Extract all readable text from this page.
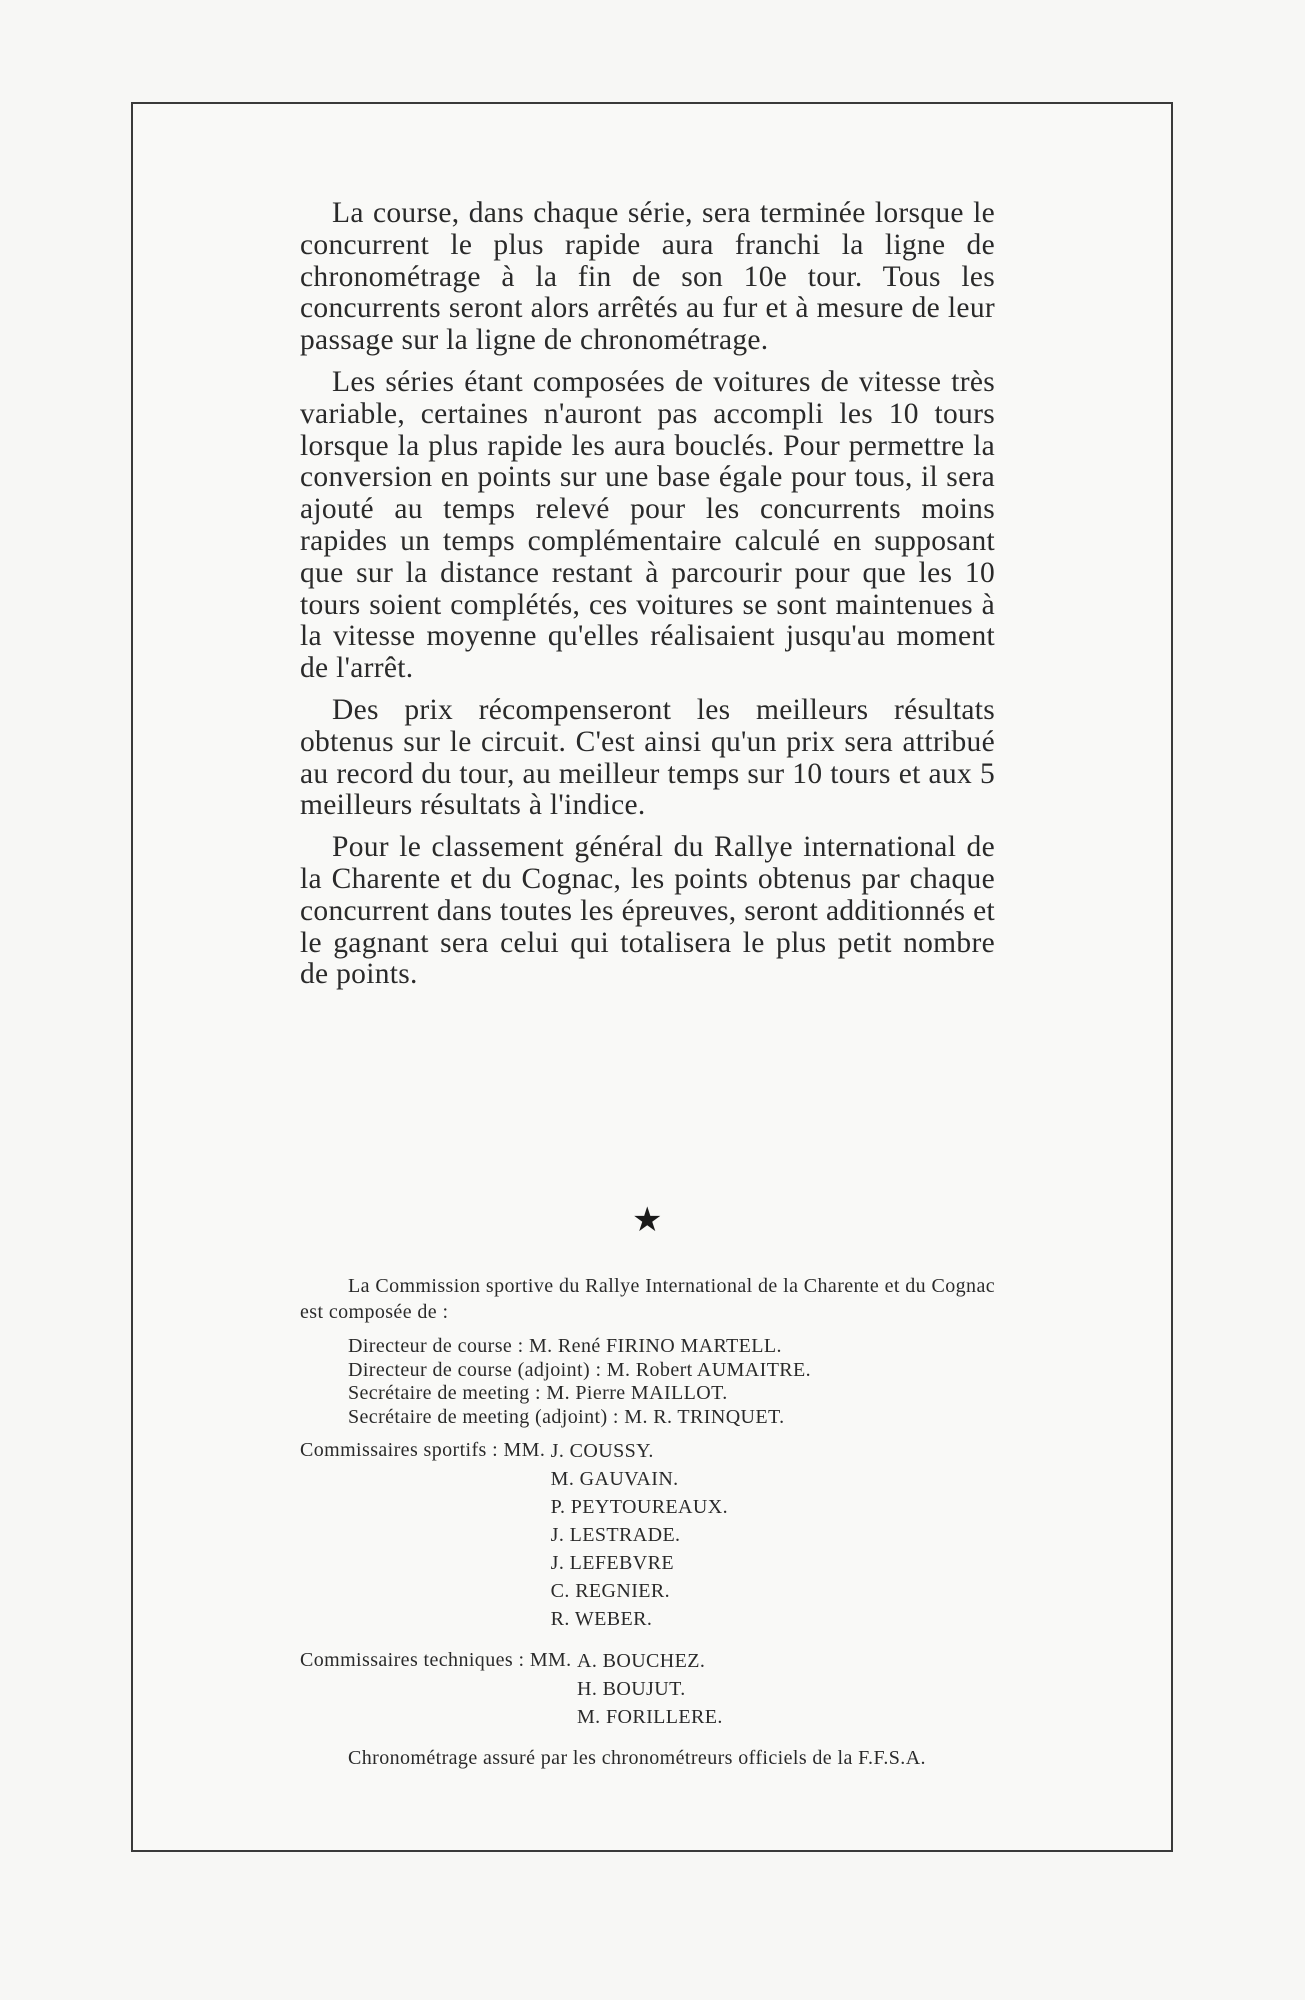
La course, dans chaque série, sera terminée lorsque le concurrent le plus rapide aura franchi la ligne de chronométrage à la fin de son 10e tour. Tous les concurrents seront alors arrêtés au fur et à mesure de leur passage sur la ligne de chronométrage.

Les séries étant composées de voitures de vitesse très variable, certaines n'auront pas accompli les 10 tours lorsque la plus rapide les aura bouclés. Pour permettre la conversion en points sur une base égale pour tous, il sera ajouté au temps relevé pour les concurrents moins rapides un temps complémentaire calculé en supposant que sur la distance restant à parcourir pour que les 10 tours soient complétés, ces voitures se sont maintenues à la vitesse moyenne qu'elles réalisaient jusqu'au moment de l'arrêt.

Des prix récompenseront les meilleurs résultats obtenus sur le circuit. C'est ainsi qu'un prix sera attribué au record du tour, au meilleur temps sur 10 tours et aux 5 meilleurs résultats à l'indice.

Pour le classement général du Rallye international de la Charente et du Cognac, les points obtenus par chaque concurrent dans toutes les épreuves, seront additionnés et le gagnant sera celui qui totalisera le plus petit nombre de points.

★

La Commission sportive du Rallye International de la Charente et du Cognac est composée de :

Directeur de course : M. René FIRINO MARTELL.
Directeur de course (adjoint) : M. Robert AUMAITRE.
Secrétaire de meeting : M. Pierre MAILLOT.
Secrétaire de meeting (adjoint) : M. R. TRINQUET.
Commissaires sportifs : MM. J. COUSSY.
M. GAUVAIN.
P. PEYTOUREAUX.
J. LESTRADE.
J. LEFEBVRE
C. REGNIER.
R. WEBER.
Commissaires techniques : MM. A. BOUCHEZ.
H. BOUJUT.
M. FORILLERE.

Chronométrage assuré par les chronométreurs officiels de la F.F.S.A.
